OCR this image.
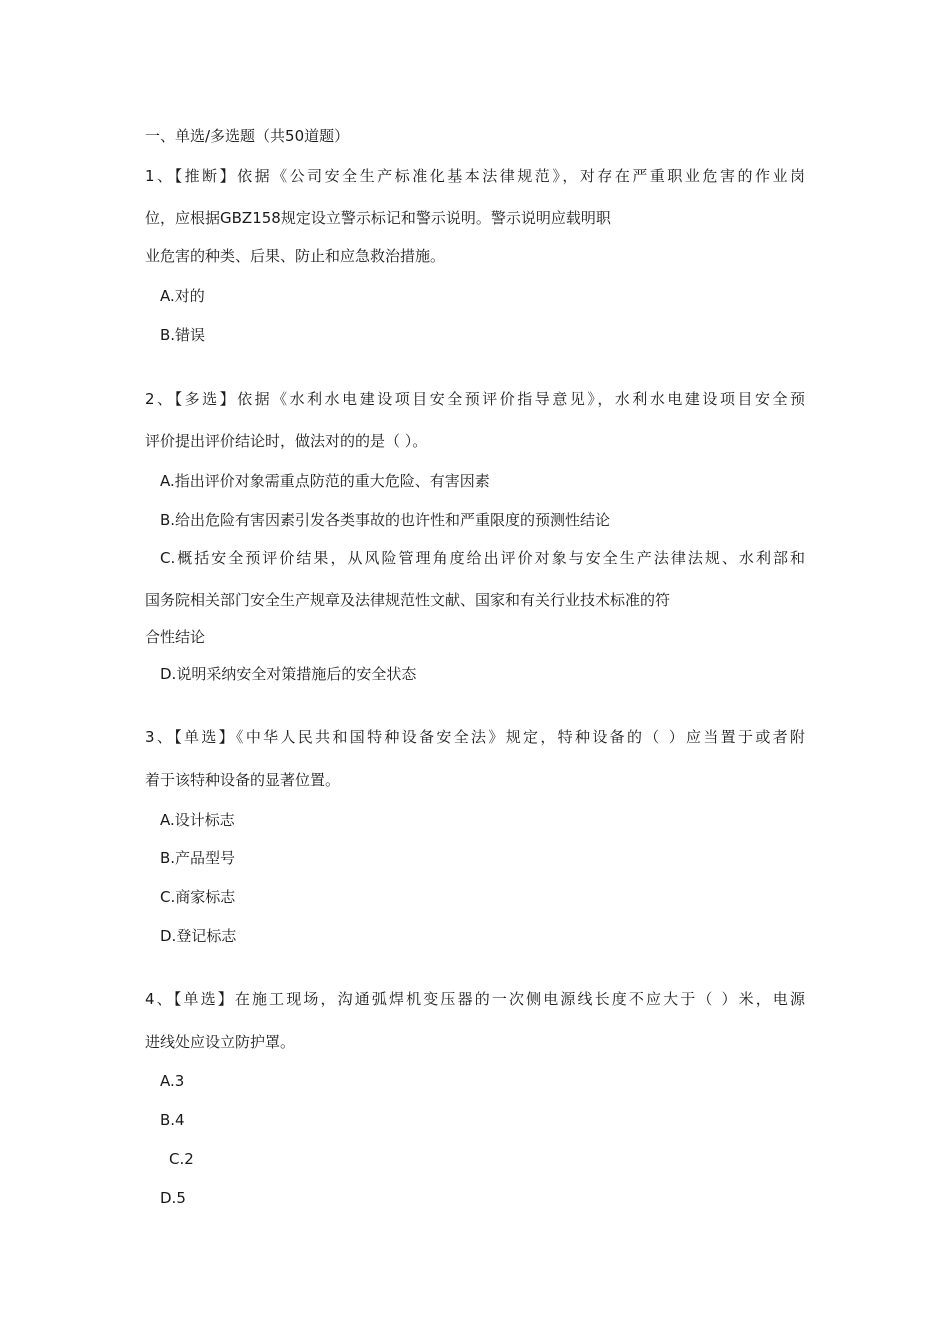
一、单选/多选题（共50道题）
1、【推断】依据《公司安全生产标准化基本法律规范》，对存在严重职业危害的作业岗
位，应根据GBZ158规定设立警示标记和警示说明。警示说明应载明职
业危害的种类、后果、防止和应急救治措施。
A.对的
B.错误
2、【多选】依据《水利水电建设项目安全预评价指导意见》，水利水电建设项目安全预
评价提出评价结论时，做法对的的是（ ）。
A.指出评价对象需重点防范的重大危险、有害因素
B.给出危险有害因素引发各类事故的也许性和严重限度的预测性结论
C.概括安全预评价结果，从风险管理角度给出评价对象与安全生产法律法规、水利部和
国务院相关部门安全生产规章及法律规范性文献、国家和有关行业技术标准的符
合性结论
D.说明采纳安全对策措施后的安全状态
3、【单选】《中华人民共和国特种设备安全法》规定，特种设备的（ ）应当置于或者附
着于该特种设备的显著位置。
A.设计标志
B.产品型号
C.商家标志
D.登记标志
4、【单选】在施工现场，沟通弧焊机变压器的一次侧电源线长度不应大于（ ）米，电源
进线处应设立防护罩。
A.3
B.4
C.2
D.5
